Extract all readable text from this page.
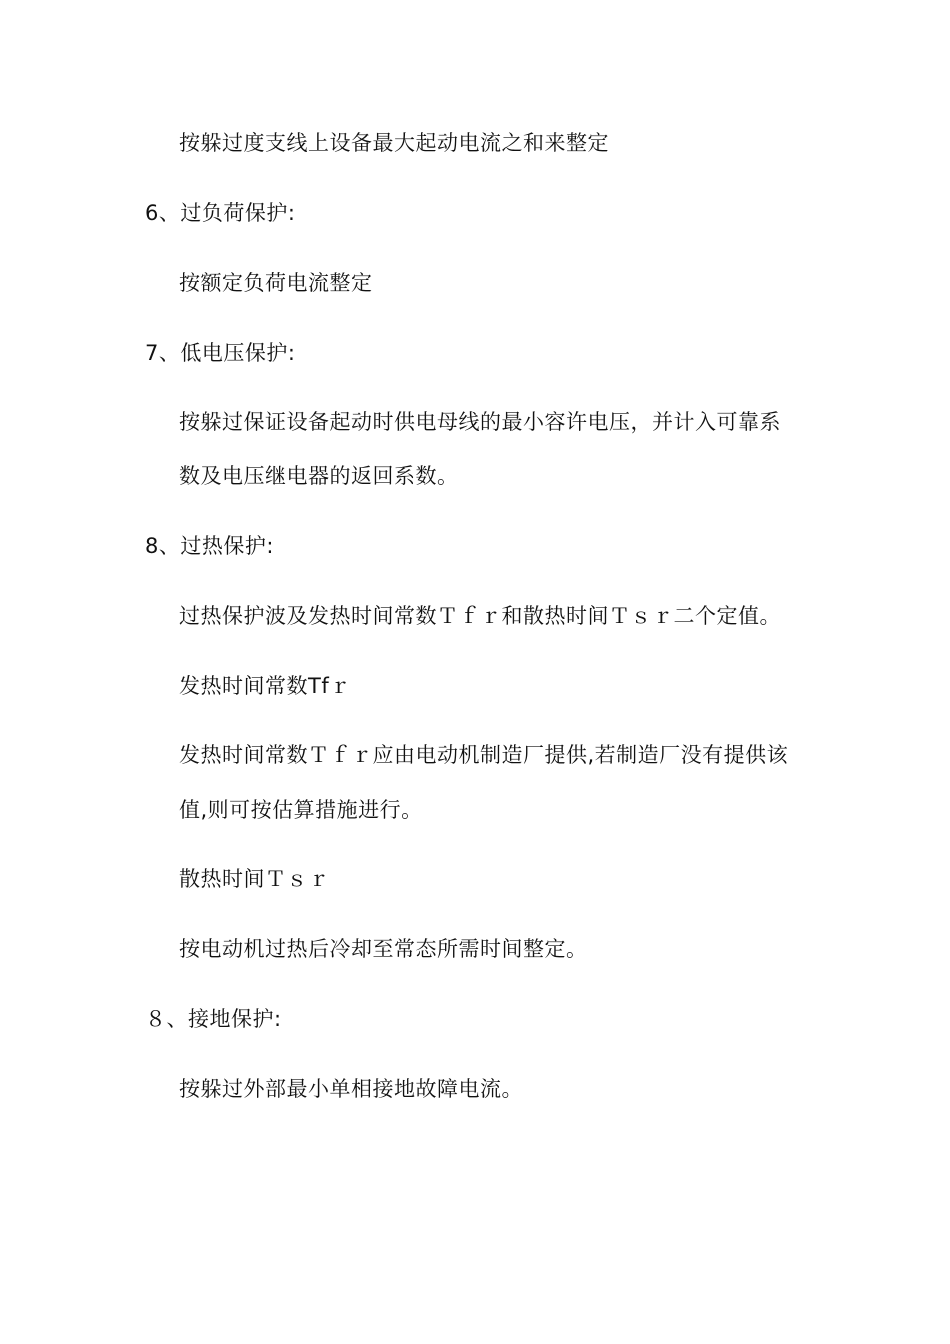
按躲过度支线上设备最大起动电流之和来整定
6、过负荷保护:
按额定负荷电流整定
7、低电压保护:
按躲过保证设备起动时供电母线的最小容许电压，并计入可靠系
数及电压继电器的返回系数。
8、过热保护:
过热保护波及发热时间常数Ｔｆｒ和散热时间Ｔｓｒ二个定值。
发热时间常数Tfｒ
发热时间常数Ｔｆｒ应由电动机制造厂提供,若制造厂没有提供该
值,则可按估算措施进行。
散热时间Ｔｓｒ
按电动机过热后冷却至常态所需时间整定。
８、接地保护:
按躲过外部最小单相接地故障电流。
